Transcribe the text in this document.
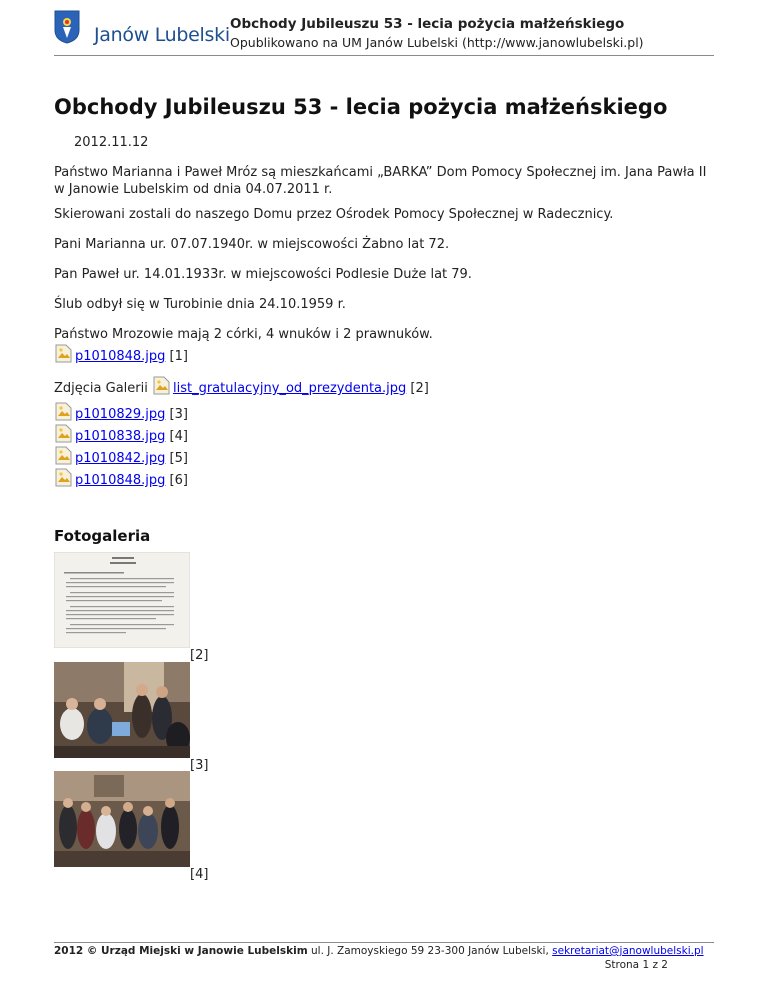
Janów Lubelski Obchody Jubileuszu 53 - lecia pożycia małżeńskiego
Opublikowano na UM Janów Lubelski (http://www.janowlubelski.pl)
Obchody Jubileuszu 53 - lecia pożycia małżeńskiego
2012.11.12
Państwo Marianna i Paweł Mróz są mieszkańcami „BARKA” Dom Pomocy Społecznej im. Jana Pawła II w Janowie Lubelskim od dnia 04.07.2011 r.
Skierowani zostali do naszego Domu przez Ośrodek Pomocy Społecznej w Radecznicy.
Pani Marianna ur. 07.07.1940r. w miejscowości Żabno lat 72.
Pan Paweł ur. 14.01.1933r. w miejscowości Podlesie Duże lat 79.
Ślub odbył się w Turobinie dnia 24.10.1959 r.
Państwo Mrozowie mają 2 córki, 4 wnuków i 2 prawnuków.
p1010848.jpg [1]
Zdjęcia Galerii list_gratulacyjny_od_prezydenta.jpg [2]
p1010829.jpg [3]
p1010838.jpg [4]
p1010842.jpg [5]
p1010848.jpg [6]
Fotogaleria
[2]
[3]
[4]
2012 © Urząd Miejski w Janowie Lubelskim ul. J. Zamoyskiego 59 23-300 Janów Lubelski, sekretariat@janowlubelski.pl
Strona 1 z 2
